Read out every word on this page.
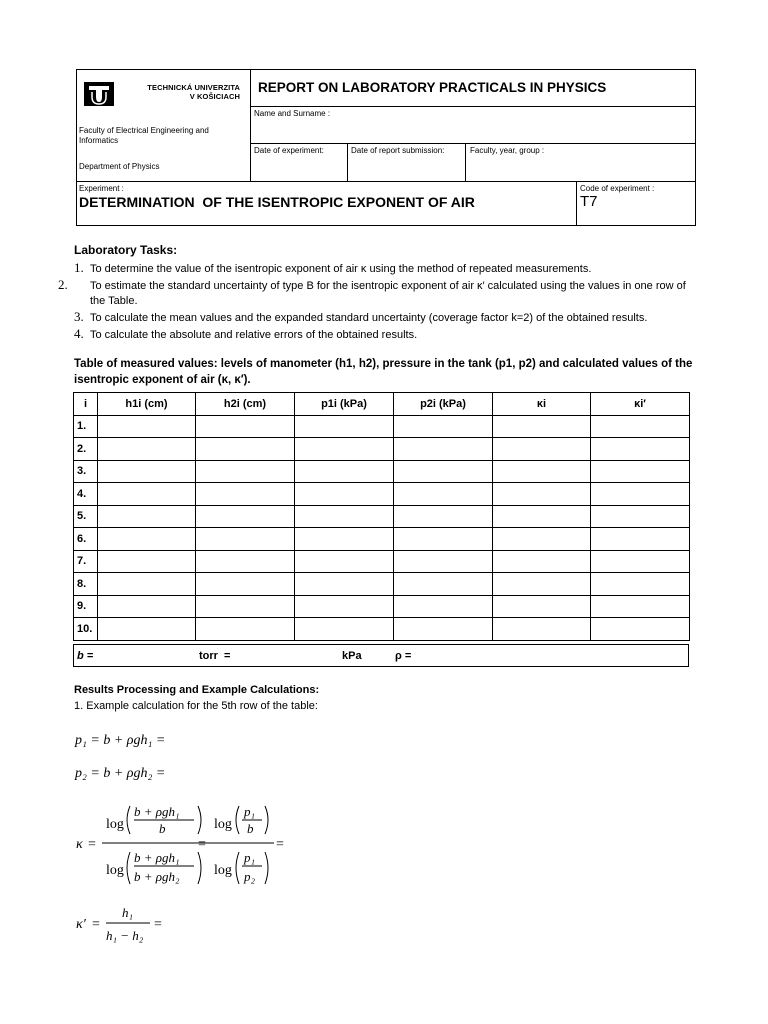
TECHNICKÁ UNIVERZITA
V KOŠICIACH
Faculty of Electrical Engineering and Informatics
Department of Physics
REPORT ON LABORATORY PRACTICALS IN PHYSICS
Name and Surname :
Date of experiment:	Date of report submission:	Faculty, year, group :
Experiment :
DETERMINATION  OF THE ISENTROPIC EXPONENT OF AIR
Code of experiment :
T7
Laboratory Tasks:
1. To determine the value of the isentropic exponent of air κ using the method of repeated measurements.
2. To estimate the standard uncertainty of type B for the isentropic exponent of air κ′ calculated using the values in one row of the Table.
3. To calculate the mean values and the expanded standard uncertainty (coverage factor k=2) of the obtained results.
4. To calculate the absolute and relative errors of the obtained results.
Table of measured values: levels of manometer (h1, h2), pressure in the tank (p1, p2) and calculated values of the isentropic exponent of air (κ, κ′).
i	h1i (cm)	h2i (cm)	p1i (kPa)	p2i (kPa)	κi	κi′
1.						
2.						
3.						
4.						
5.						
6.						
7.						
8.						
9.						
10.						
b =	torr  =	kPa	ρ =
Results Processing and Example Calculations:
1. Example calculation for the 5th row of the table:
p₁ = b + ρgh₁ =
p₂ = b + ρgh₂ =
κ =
log
b + ρgh₁
b
log
b + ρgh₁
b + ρgh₂
=
log
p₁
b
log
p₁
p₂
=
κ′ =
h₁
h₁ − h₂
=
